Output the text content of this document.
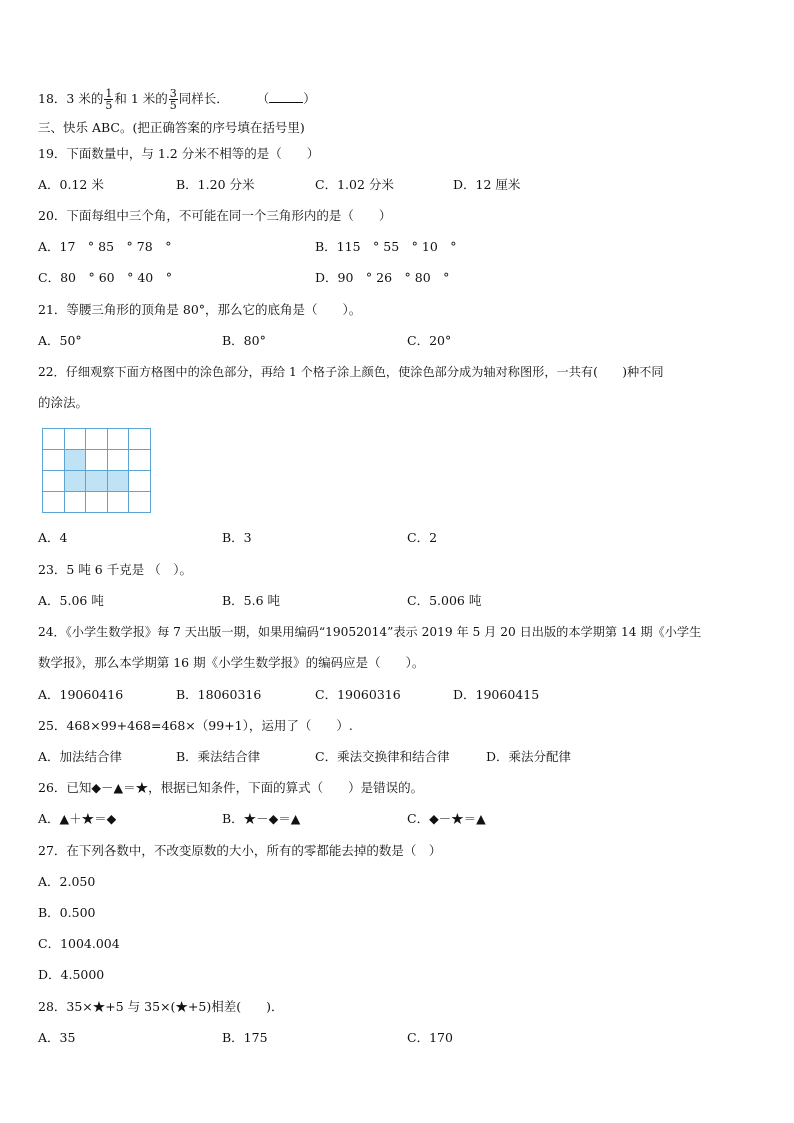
18．3 米的 $\frac{1}{5}$ 和 1 米的 $\frac{3}{5}$ 同样长． （	）
三、快乐 ABC。(把正确答案的序号填在括号里)
19．下面数量中，与 1.2 分米不相等的是（　　）
A．0.12 米	B．1.20 分米	C．1.02 分米	D．12 厘米
20．下面每组中三个角，不可能在同一个三角形内的是（　　）
A．17　° 85　° 78　°	B．115　° 55　° 10　°
C．80　° 60　° 40　°	D．90　° 26　° 80　°
21．等腰三角形的顶角是 80°，那么它的底角是（　　）。
A．50°	B．80°	C．20°
22．仔细观察下面方格图中的涂色部分，再给 1 个格子涂上颜色，使涂色部分成为轴对称图形，一共有(　　)种不同
的涂法。

A．4	B．3	C．2
23．5 吨 6 千克是 （　）。
A．5.06 吨	B．5.6 吨	C．5.006 吨
24．《小学生数学报》每 7 天出版一期，如果用编码“19052014”表示 2019 年 5 月 20 日出版的本学期第 14 期《小学生
数学报》，那么本学期第 16 期《小学生数学报》的编码应是（　　）。
A．19060416	B．18060316	C．19060316	D．19060415
25．468×99+468=468×（99+1），运用了（　　）.
A．加法结合律	B．乘法结合律	C．乘法交换律和结合律	D．乘法分配律
26．已知◆－▲＝★，根据已知条件，下面的算式（　　）是错误的。
A．▲＋★＝◆	B．★－◆＝▲	C．◆－★＝▲
27．在下列各数中，不改变原数的大小，所有的零都能去掉的数是（　）
A．2.050
B．0.500
C．1004.004
D．4.5000
28．35×★+5 与 35×(★+5)相差(　　)．
A．35	B．175	C．170
